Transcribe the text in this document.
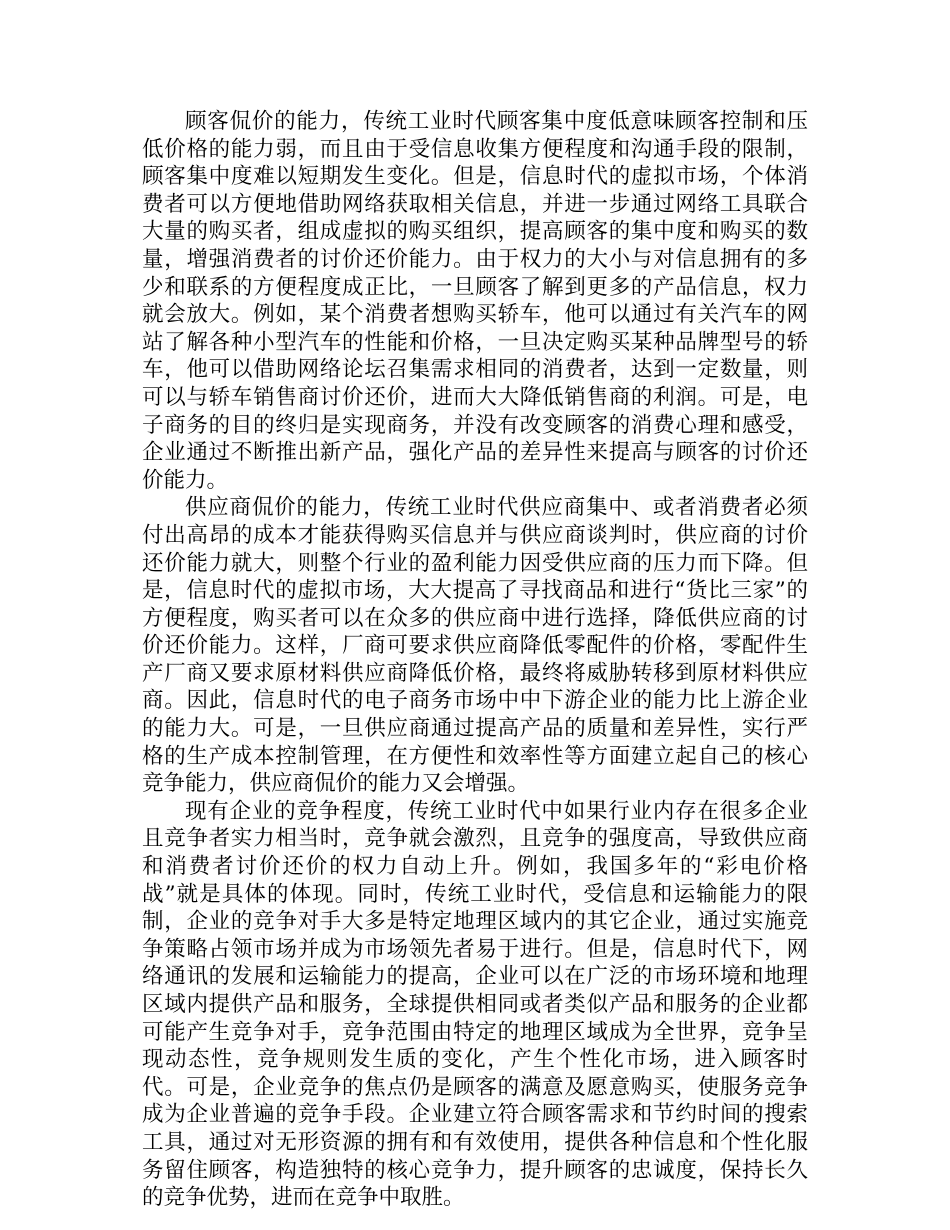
顾客侃价的能力，传统工业时代顾客集中度低意味顾客控制和压低价格的能力弱，而且由于受信息收集方便程度和沟通手段的限制，顾客集中度难以短期发生变化。但是，信息时代的虚拟市场，个体消费者可以方便地借助网络获取相关信息，并进一步通过网络工具联合大量的购买者，组成虚拟的购买组织，提高顾客的集中度和购买的数量，增强消费者的讨价还价能力。由于权力的大小与对信息拥有的多少和联系的方便程度成正比，一旦顾客了解到更多的产品信息，权力就会放大。例如，某个消费者想购买轿车，他可以通过有关汽车的网站了解各种小型汽车的性能和价格，一旦决定购买某种品牌型号的轿车，他可以借助网络论坛召集需求相同的消费者，达到一定数量，则可以与轿车销售商讨价还价，进而大大降低销售商的利润。可是，电子商务的目的终归是实现商务，并没有改变顾客的消费心理和感受，企业通过不断推出新产品，强化产品的差异性来提高与顾客的讨价还价能力。

供应商侃价的能力，传统工业时代供应商集中、或者消费者必须付出高昂的成本才能获得购买信息并与供应商谈判时，供应商的讨价还价能力就大，则整个行业的盈利能力因受供应商的压力而下降。但是，信息时代的虚拟市场，大大提高了寻找商品和进行“货比三家”的方便程度，购买者可以在众多的供应商中进行选择，降低供应商的讨价还价能力。这样，厂商可要求供应商降低零配件的价格，零配件生产厂商又要求原材料供应商降低价格，最终将威胁转移到原材料供应商。因此，信息时代的电子商务市场中中下游企业的能力比上游企业的能力大。可是，一旦供应商通过提高产品的质量和差异性，实行严格的生产成本控制管理，在方便性和效率性等方面建立起自己的核心竞争能力，供应商侃价的能力又会增强。

现有企业的竞争程度，传统工业时代中如果行业内存在很多企业且竞争者实力相当时，竞争就会激烈，且竞争的强度高，导致供应商和消费者讨价还价的权力自动上升。例如，我国多年的“彩电价格战”就是具体的体现。同时，传统工业时代，受信息和运输能力的限制，企业的竞争对手大多是特定地理区域内的其它企业，通过实施竞争策略占领市场并成为市场领先者易于进行。但是，信息时代下，网络通讯的发展和运输能力的提高，企业可以在广泛的市场环境和地理区域内提供产品和服务，全球提供相同或者类似产品和服务的企业都可能产生竞争对手，竞争范围由特定的地理区域成为全世界，竞争呈现动态性，竞争规则发生质的变化，产生个性化市场，进入顾客时代。可是，企业竞争的焦点仍是顾客的满意及愿意购买，使服务竞争成为企业普遍的竞争手段。企业建立符合顾客需求和节约时间的搜索工具，通过对无形资源的拥有和有效使用，提供各种信息和个性化服务留住顾客，构造独特的核心竞争力，提升顾客的忠诚度，保持长久的竞争优势，进而在竞争中取胜。
